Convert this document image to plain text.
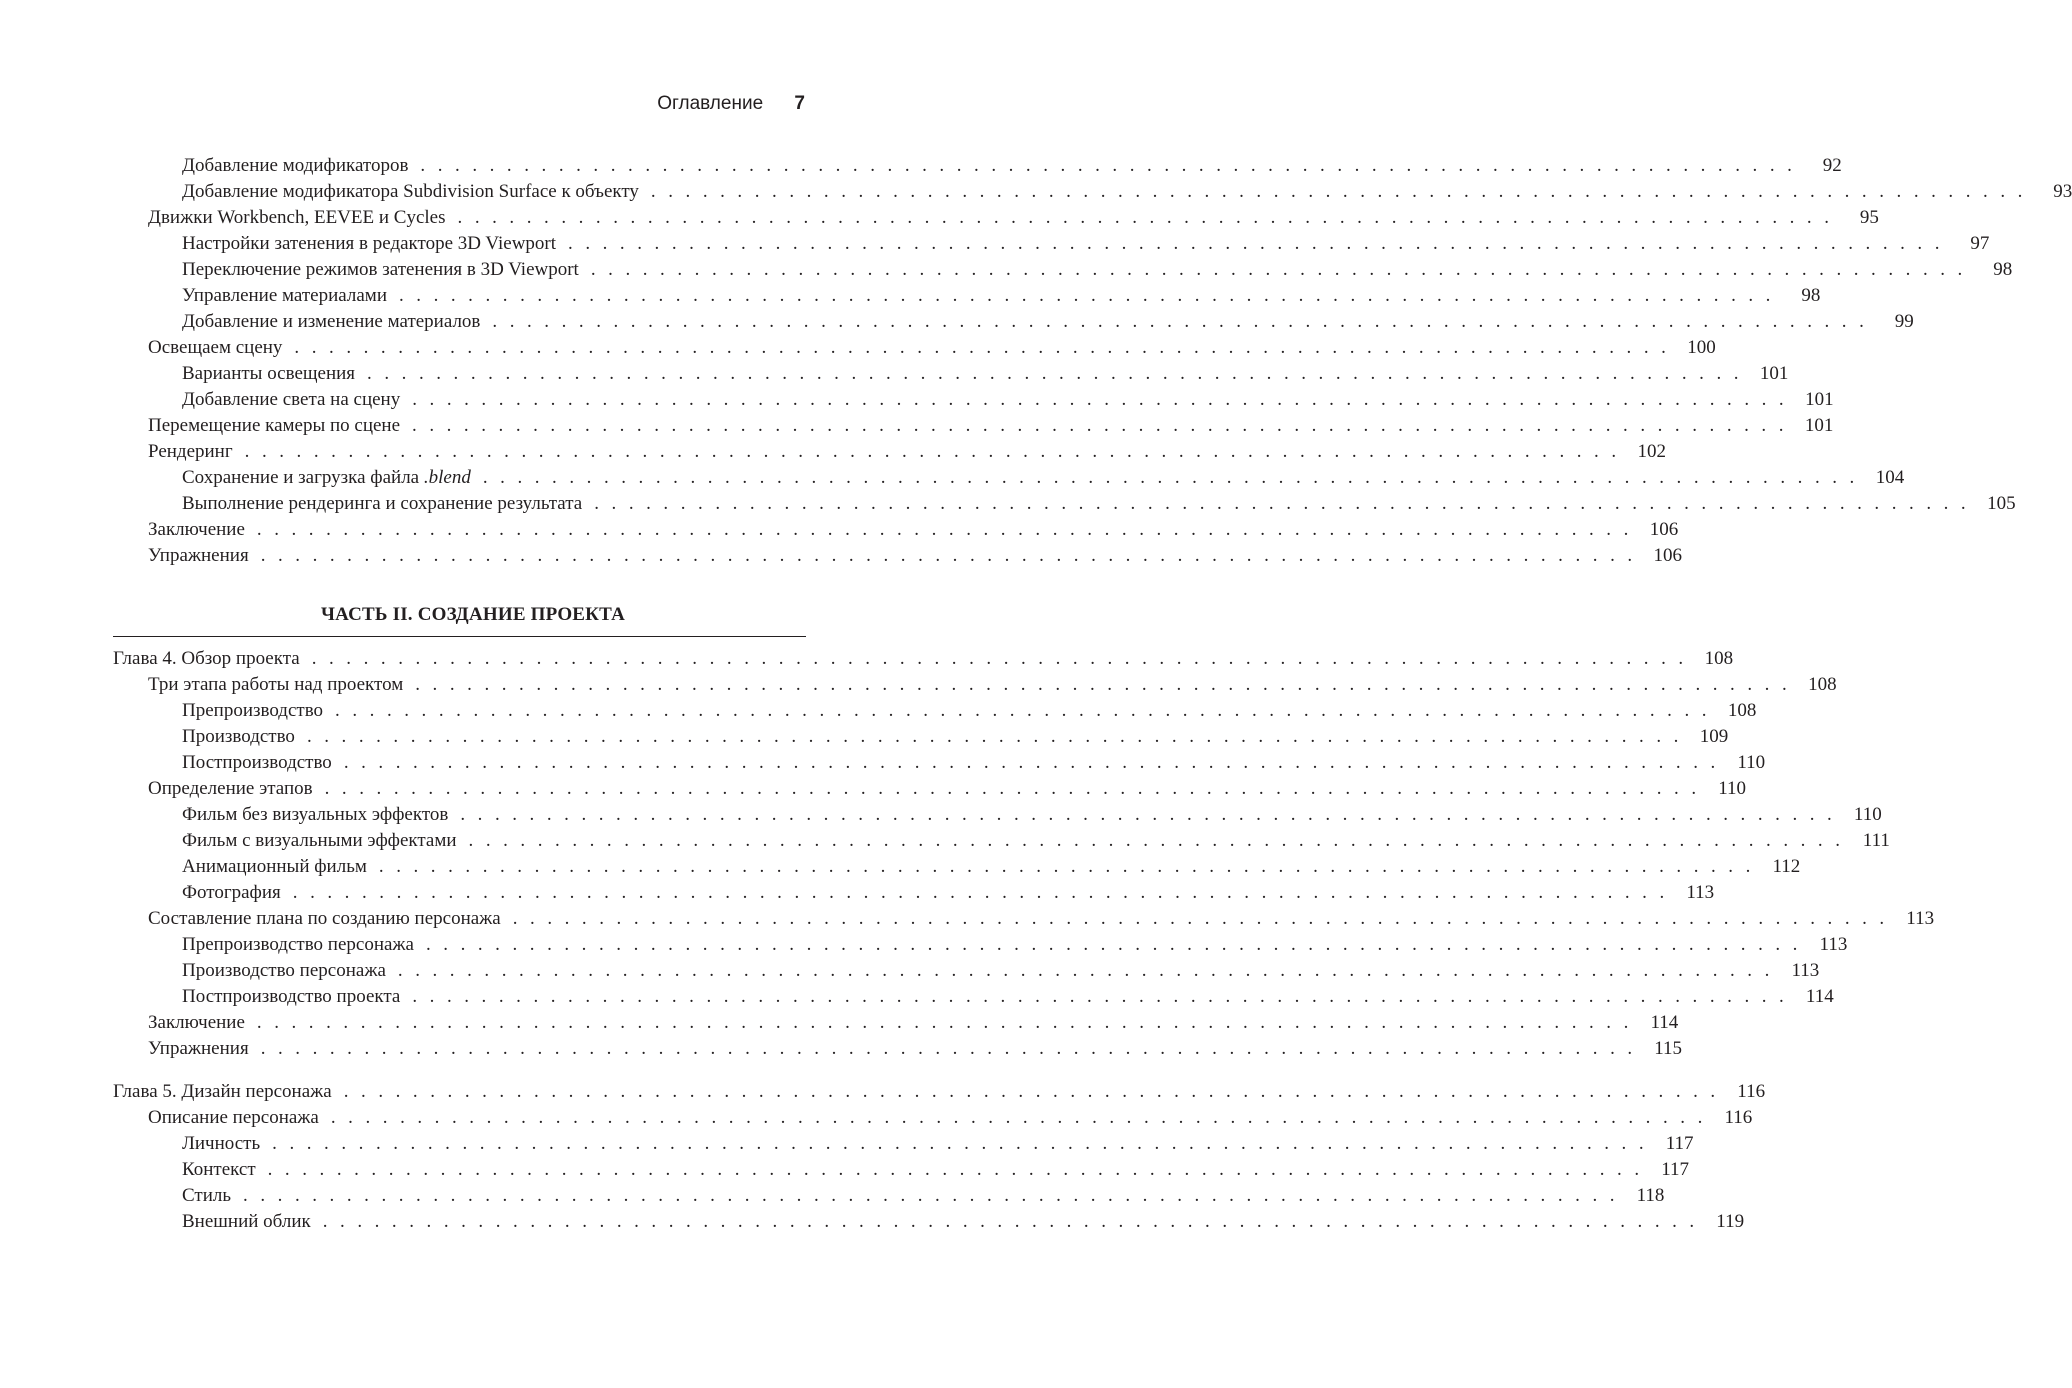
Оглавление 7
Добавление модификаторов . . . . . . . . . . . . . . . . . . . . . . . . . . . . . . . . . . . . . . . . . . . . . . . . . . . . . . . . . . . . . . . . . . . . . . . . . . . . . . . .	92
Добавление модификатора Subdivision Surface к объекту . . . . . . . . . . . . . . . . . . . . . . . . . . . . . . . . . . . . . . . . . . . . . . . . . . . . . . . . . . . . . . . . . . . . . . . . . . . . . . . .	93
Движки Workbench, EEVEE и Cycles . . . . . . . . . . . . . . . . . . . . . . . . . . . . . . . . . . . . . . . . . . . . . . . . . . . . . . . . . . . . . . . . . . . . . . . . . . . . . . . .	95
Настройки затенения в редакторе 3D Viewport . . . . . . . . . . . . . . . . . . . . . . . . . . . . . . . . . . . . . . . . . . . . . . . . . . . . . . . . . . . . . . . . . . . . . . . . . . . . . . . .	97
Переключение режимов затенения в 3D Viewport . . . . . . . . . . . . . . . . . . . . . . . . . . . . . . . . . . . . . . . . . . . . . . . . . . . . . . . . . . . . . . . . . . . . . . . . . . . . . . . .	98
Управление материалами . . . . . . . . . . . . . . . . . . . . . . . . . . . . . . . . . . . . . . . . . . . . . . . . . . . . . . . . . . . . . . . . . . . . . . . . . . . . . . . .	98
Добавление и изменение материалов . . . . . . . . . . . . . . . . . . . . . . . . . . . . . . . . . . . . . . . . . . . . . . . . . . . . . . . . . . . . . . . . . . . . . . . . . . . . . . . .	99
Освещаем сцену . . . . . . . . . . . . . . . . . . . . . . . . . . . . . . . . . . . . . . . . . . . . . . . . . . . . . . . . . . . . . . . . . . . . . . . . . . . . . . . . 100
Варианты освещения . . . . . . . . . . . . . . . . . . . . . . . . . . . . . . . . . . . . . . . . . . . . . . . . . . . . . . . . . . . . . . . . . . . . . . . . . . . . . . . . 101
Добавление света на сцену . . . . . . . . . . . . . . . . . . . . . . . . . . . . . . . . . . . . . . . . . . . . . . . . . . . . . . . . . . . . . . . . . . . . . . . . . . . . . . . . 101
Перемещение камеры по сцене . . . . . . . . . . . . . . . . . . . . . . . . . . . . . . . . . . . . . . . . . . . . . . . . . . . . . . . . . . . . . . . . . . . . . . . . . . . . . . . . 101
Рендеринг . . . . . . . . . . . . . . . . . . . . . . . . . . . . . . . . . . . . . . . . . . . . . . . . . . . . . . . . . . . . . . . . . . . . . . . . . . . . . . . . 102
Сохранение и загрузка файла .blend . . . . . . . . . . . . . . . . . . . . . . . . . . . . . . . . . . . . . . . . . . . . . . . . . . . . . . . . . . . . . . . . . . . . . . . . . . . . . . . . 104
Выполнение рендеринга и сохранение результата . . . . . . . . . . . . . . . . . . . . . . . . . . . . . . . . . . . . . . . . . . . . . . . . . . . . . . . . . . . . . . . . . . . . . . . . . . . . . . . . 105
Заключение . . . . . . . . . . . . . . . . . . . . . . . . . . . . . . . . . . . . . . . . . . . . . . . . . . . . . . . . . . . . . . . . . . . . . . . . . . . . . . . . 106
Упражнения . . . . . . . . . . . . . . . . . . . . . . . . . . . . . . . . . . . . . . . . . . . . . . . . . . . . . . . . . . . . . . . . . . . . . . . . . . . . . . . . 106
ЧАСТЬ II. СОЗДАНИЕ ПРОЕКТА
Глава 4. Обзор проекта . . . . . . . . . . . . . . . . . . . . . . . . . . . . . . . . . . . . . . . . . . . . . . . . . . . . . . . . . . . . . . . . . . . . . . . . . . . . . . . . 108
Три этапа работы над проектом . . . . . . . . . . . . . . . . . . . . . . . . . . . . . . . . . . . . . . . . . . . . . . . . . . . . . . . . . . . . . . . . . . . . . . . . . . . . . . . . 108
Препроизводство . . . . . . . . . . . . . . . . . . . . . . . . . . . . . . . . . . . . . . . . . . . . . . . . . . . . . . . . . . . . . . . . . . . . . . . . . . . . . . . . 108
Производство . . . . . . . . . . . . . . . . . . . . . . . . . . . . . . . . . . . . . . . . . . . . . . . . . . . . . . . . . . . . . . . . . . . . . . . . . . . . . . . . 109
Постпроизводство . . . . . . . . . . . . . . . . . . . . . . . . . . . . . . . . . . . . . . . . . . . . . . . . . . . . . . . . . . . . . . . . . . . . . . . . . . . . . . . . 110
Определение этапов . . . . . . . . . . . . . . . . . . . . . . . . . . . . . . . . . . . . . . . . . . . . . . . . . . . . . . . . . . . . . . . . . . . . . . . . . . . . . . . . 110
Фильм без визуальных эффектов . . . . . . . . . . . . . . . . . . . . . . . . . . . . . . . . . . . . . . . . . . . . . . . . . . . . . . . . . . . . . . . . . . . . . . . . . . . . . . . . 110
Фильм с визуальными эффектами . . . . . . . . . . . . . . . . . . . . . . . . . . . . . . . . . . . . . . . . . . . . . . . . . . . . . . . . . . . . . . . . . . . . . . . . . . . . . . . . 111
Анимационный фильм . . . . . . . . . . . . . . . . . . . . . . . . . . . . . . . . . . . . . . . . . . . . . . . . . . . . . . . . . . . . . . . . . . . . . . . . . . . . . . . . 112
Фотография . . . . . . . . . . . . . . . . . . . . . . . . . . . . . . . . . . . . . . . . . . . . . . . . . . . . . . . . . . . . . . . . . . . . . . . . . . . . . . . . 113
Составление плана по созданию персонажа . . . . . . . . . . . . . . . . . . . . . . . . . . . . . . . . . . . . . . . . . . . . . . . . . . . . . . . . . . . . . . . . . . . . . . . . . . . . . . . . 113
Препроизводство персонажа . . . . . . . . . . . . . . . . . . . . . . . . . . . . . . . . . . . . . . . . . . . . . . . . . . . . . . . . . . . . . . . . . . . . . . . . . . . . . . . . 113
Производство персонажа . . . . . . . . . . . . . . . . . . . . . . . . . . . . . . . . . . . . . . . . . . . . . . . . . . . . . . . . . . . . . . . . . . . . . . . . . . . . . . . . 113
Постпроизводство проекта . . . . . . . . . . . . . . . . . . . . . . . . . . . . . . . . . . . . . . . . . . . . . . . . . . . . . . . . . . . . . . . . . . . . . . . . . . . . . . . . 114
Заключение . . . . . . . . . . . . . . . . . . . . . . . . . . . . . . . . . . . . . . . . . . . . . . . . . . . . . . . . . . . . . . . . . . . . . . . . . . . . . . . . 114
Упражнения . . . . . . . . . . . . . . . . . . . . . . . . . . . . . . . . . . . . . . . . . . . . . . . . . . . . . . . . . . . . . . . . . . . . . . . . . . . . . . . . 115
Глава 5. Дизайн персонажа . . . . . . . . . . . . . . . . . . . . . . . . . . . . . . . . . . . . . . . . . . . . . . . . . . . . . . . . . . . . . . . . . . . . . . . . . . . . . . . . 116
Описание персонажа . . . . . . . . . . . . . . . . . . . . . . . . . . . . . . . . . . . . . . . . . . . . . . . . . . . . . . . . . . . . . . . . . . . . . . . . . . . . . . . . 116
Личность . . . . . . . . . . . . . . . . . . . . . . . . . . . . . . . . . . . . . . . . . . . . . . . . . . . . . . . . . . . . . . . . . . . . . . . . . . . . . . . . 117
Контекст . . . . . . . . . . . . . . . . . . . . . . . . . . . . . . . . . . . . . . . . . . . . . . . . . . . . . . . . . . . . . . . . . . . . . . . . . . . . . . . . 117
Стиль . . . . . . . . . . . . . . . . . . . . . . . . . . . . . . . . . . . . . . . . . . . . . . . . . . . . . . . . . . . . . . . . . . . . . . . . . . . . . . . . 118
Внешний облик . . . . . . . . . . . . . . . . . . . . . . . . . . . . . . . . . . . . . . . . . . . . . . . . . . . . . . . . . . . . . . . . . . . . . . . . . . . . . . . . 119
